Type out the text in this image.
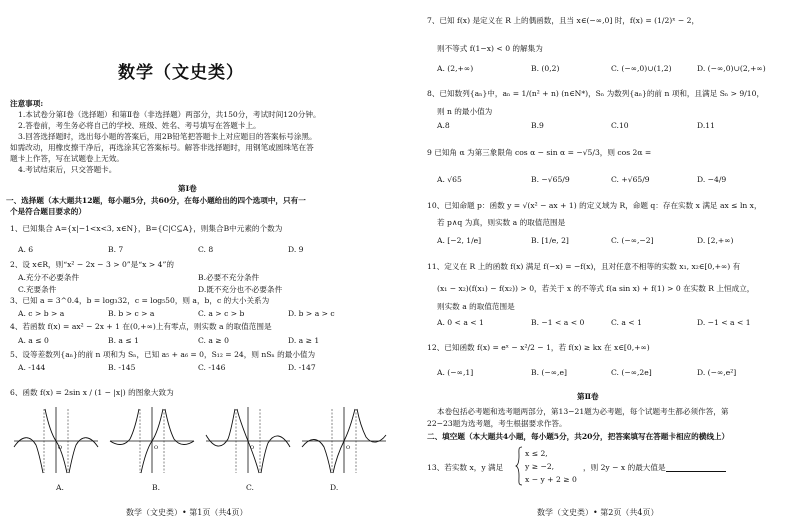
数学（文史类）
注意事项:
1.本试卷分第Ⅰ卷（选择题）和第Ⅱ卷（非选择题）两部分，共150分，考试时间120分钟。
2.答卷前，考生务必将自己的学校、班级、姓名、考号填写在答题卡上。
3.回答选择题时，选出每小题的答案后，用2B铅笔把答题卡上对应题目的答案标号涂黑。
如需改动，用橡皮擦干净后，再选涂其它答案标号。解答非选择题时，用钢笔或圆珠笔在答
题卡上作答，写在试题卷上无效。
4.考试结束后，只交答题卡。
第Ⅰ卷
一、选择题（本大题共12题，每小题5分，共60分，在每小题给出的四个选项中，只有一
个是符合题目要求的）
1、已知集合 A={x|−1<x<3, x∈N}，B={C|C⊆A}，则集合B中元素的个数为
A. 6	B. 7	C. 8	D. 9
2、设 x∈R，则“x² − 2x − 3 > 0”是“x > 4”的
A.充分不必要条件	B.必要不充分条件
C.充要条件	D.既不充分也不必要条件
3、已知 a = 3^0.4，b = log₃32，c = log₅50，则 a，b，c 的大小关系为
A. c > b > a	B. b > c > a	C. a > c > b	D. b > a > c
4、若函数 f(x) = ax² − 2x + 1 在(0,+∞)上有零点，则实数 a 的取值范围是
A. a ≤ 0	B. a ≤ 1	C. a ≥ 0	D. a ≥ 1
5、设等差数列{aₙ}的前 n 项和为 Sₙ，已知 a₅ + a₆ = 0，S₁₂ = 24，则 nSₙ 的最小值为
A. -144	B. -145	C. -146	D. -147
6、函数 f(x) = 2sin x / (1 − |x|) 的图象大致为
O	O	O	O
A.	B.	C.	D.
数学（文史类）• 第1页（共4页）
7、已知 f(x) 是定义在 R 上的偶函数，且当 x∈(−∞,0] 时，f(x) = (1/2)ˣ − 2，
则不等式 f(1−x) < 0 的解集为
A. (2,+∞)	B. (0,2)	C. (−∞,0)∪(1,2)	D. (−∞,0)∪(2,+∞)
8、已知数列{aₙ}中，aₙ = 1/(n² + n) (n∈N*)，Sₙ 为数列{aₙ}的前 n 项和，且满足 Sₙ > 9/10，
则 n 的最小值为
A.8	B.9	C.10	D.11
9 已知角 α 为第三象限角 cos α − sin α = −√5/3，则 cos 2α =
A. √65	B. −√65/9	C. +√65/9	D. −4/9
10、已知命题 p：函数 y = √(x² − ax + 1) 的定义域为 R，命题 q：存在实数 x 满足 ax ≤ ln x，
若 p∧q 为真，则实数 a 的取值范围是
A. [−2, 1/e]	B. [1/e, 2]	C. (−∞,−2]	D. [2,+∞)
11、定义在 R 上的函数 f(x) 满足 f(−x) = −f(x)，且对任意不相等的实数 x₁, x₂∈[0,+∞) 有
(x₁ − x₂)(f(x₁) − f(x₂)) > 0，若关于 x 的不等式 f(a sin x) + f(1) > 0 在实数 R 上恒成立，
则实数 a 的取值范围是
A. 0 < a < 1	B. −1 < a < 0	C. a < 1	D. −1 < a < 1
12、已知函数 f(x) = eˣ − x²/2 − 1，若 f(x) ≥ kx 在 x∈[0,+∞)
A. (−∞,1]	B. (−∞,e]	C. (−∞,2e]	D. (−∞,e²]
第Ⅱ卷
本卷包括必考题和选考题两部分，第13−21题为必考题，每个试题考生都必须作答，第
22−23题为选考题，考生根据要求作答。
二、填空题（本大题共4小题，每小题5分，共20分，把答案填写在答题卡相应的横线上）
13、若实数 x，y 满足
x ≤ 2,
y ≥ −2,
x − y + 2 ≥ 0
，则 2y − x 的最大值是
数学（文史类）• 第2页（共4页）
